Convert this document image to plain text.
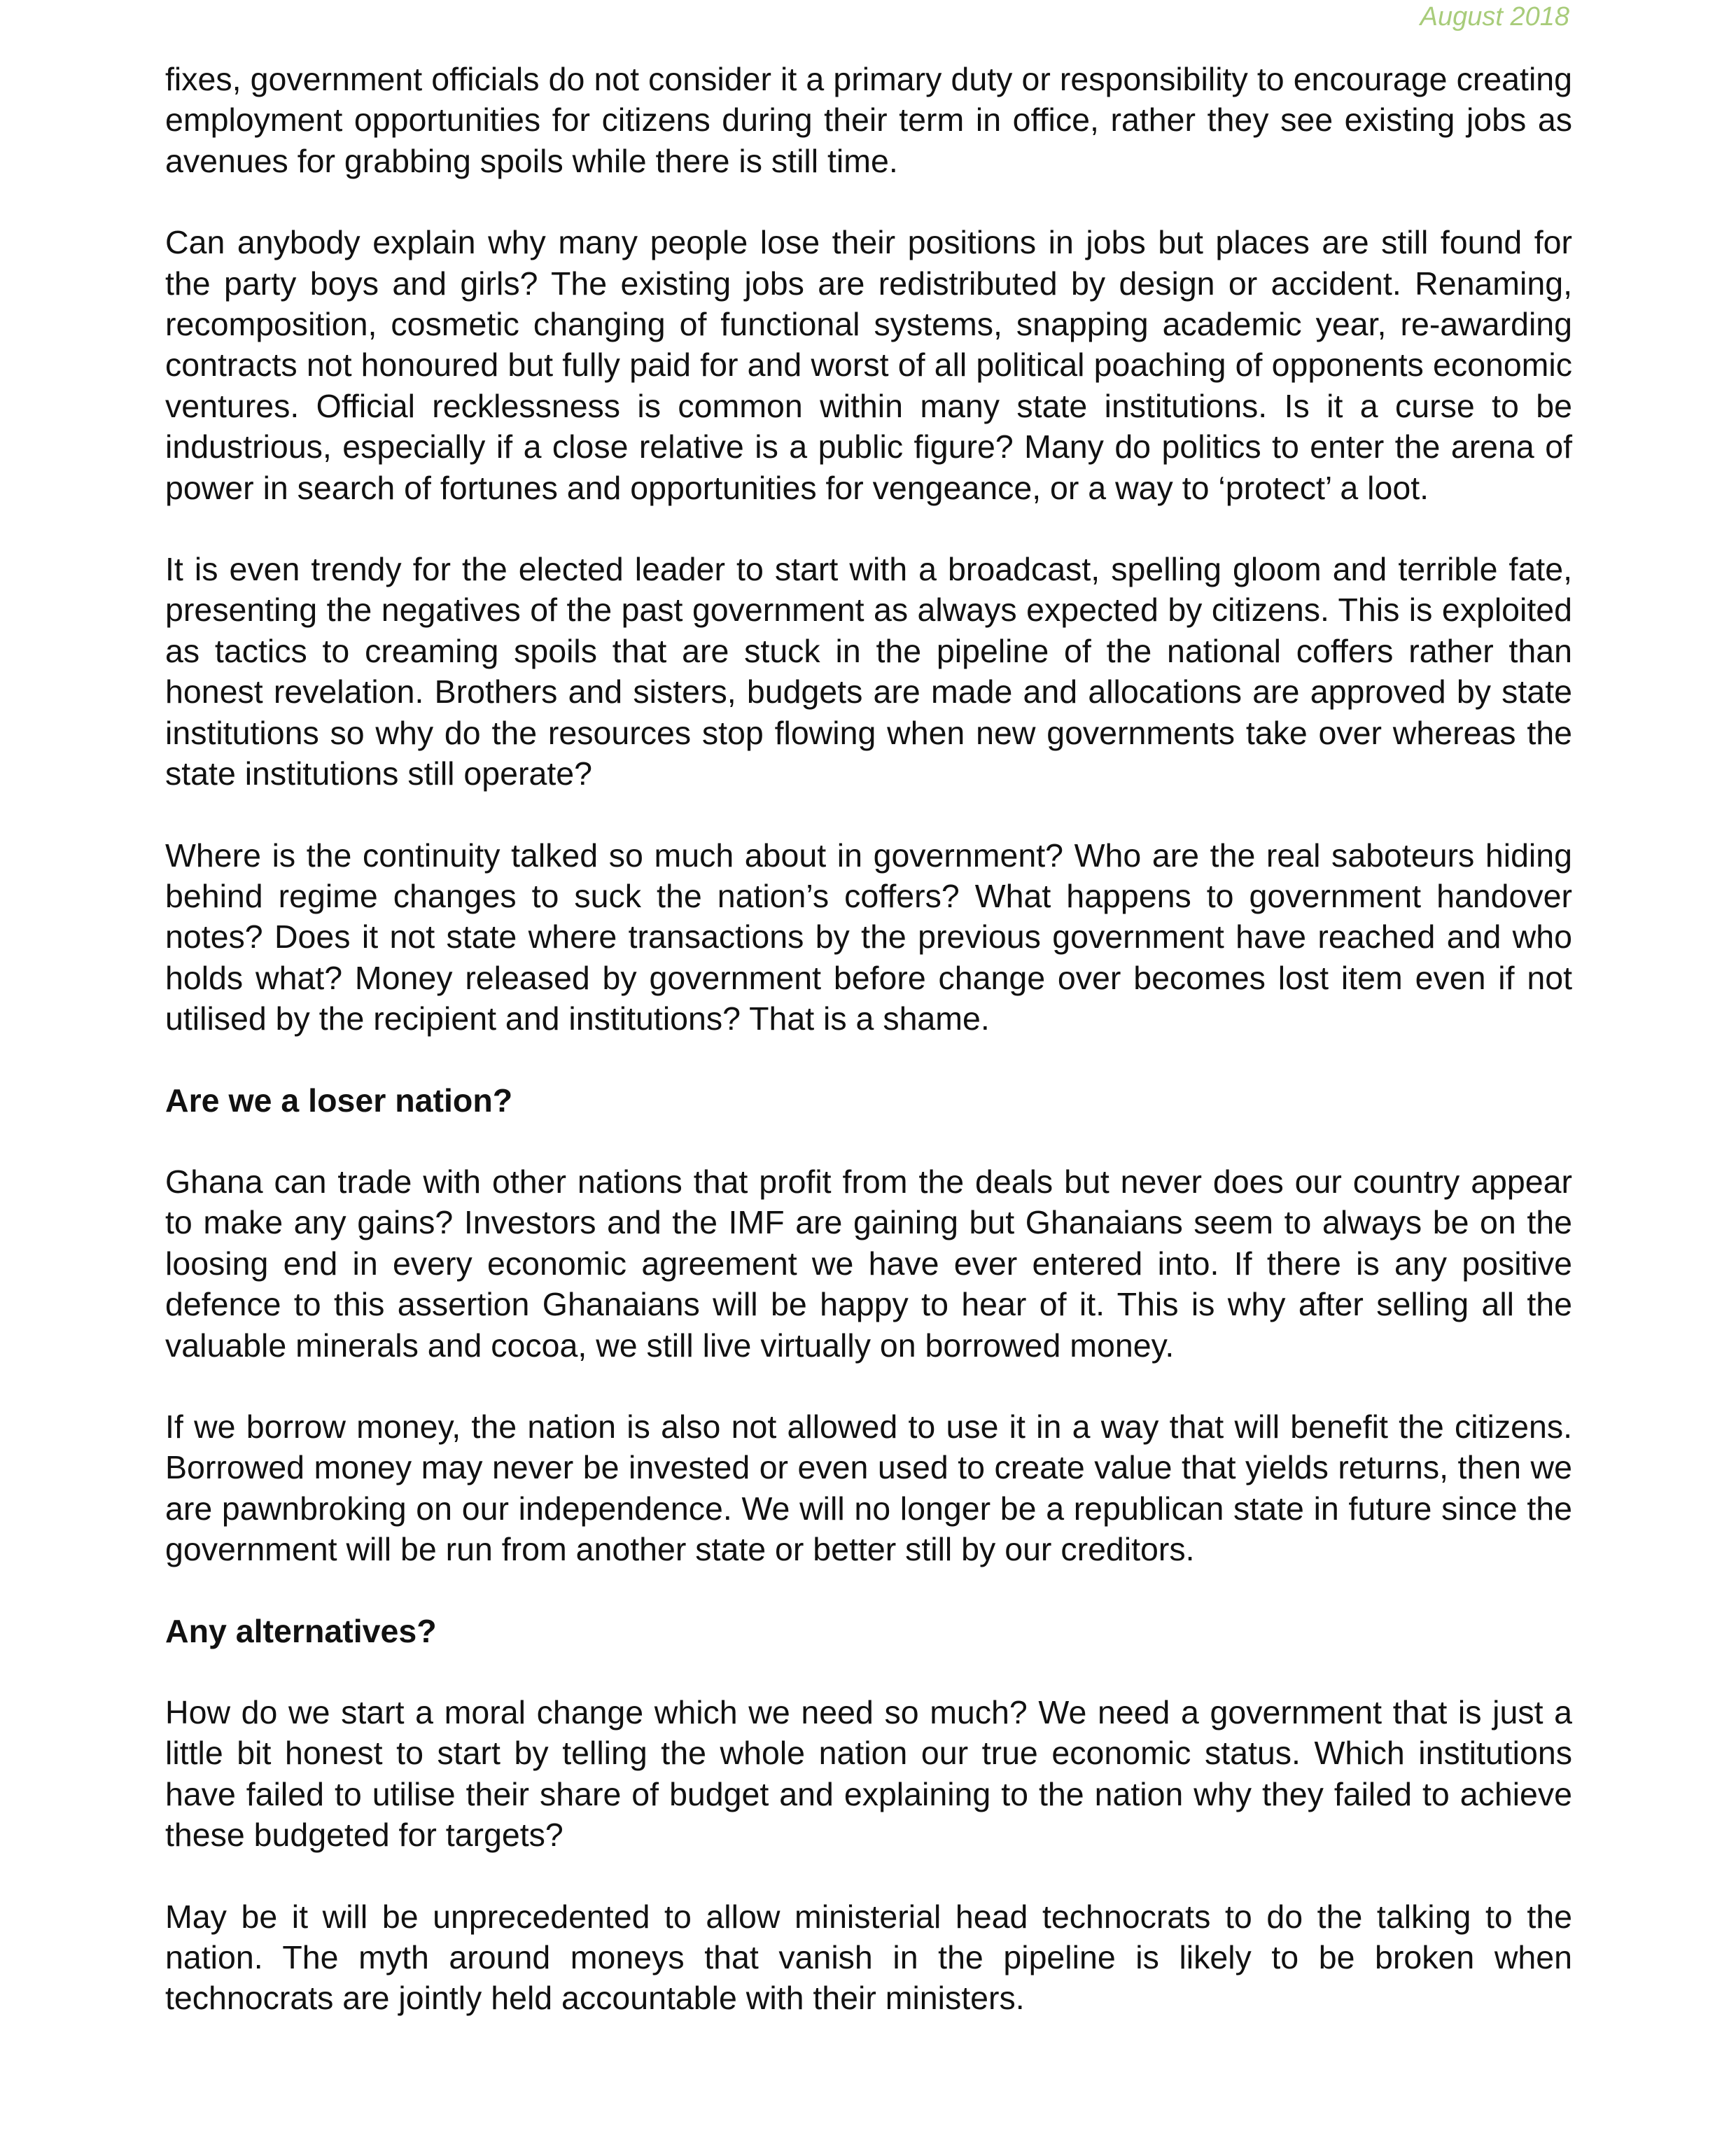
August 2018

fixes, government officials do not consider it a primary duty or responsibility to encourage creating employment opportunities for citizens during their term in office, rather they see existing jobs as avenues for grabbing spoils while there is still time.

Can anybody explain why many people lose their positions in jobs but places are still found for the party boys and girls? The existing jobs are redistributed by design or accident. Renaming, recomposition, cosmetic changing of functional systems, snapping academic year, re-awarding contracts not honoured but fully paid for and worst of all political poaching of opponents economic ventures. Official recklessness is common within many state institutions. Is it a curse to be industrious, especially if a close relative is a public figure? Many do politics to enter the arena of power in search of fortunes and opportunities for vengeance, or a way to ‘protect’ a loot.

It is even trendy for the elected leader to start with a broadcast, spelling gloom and terrible fate, presenting the negatives of the past government as always expected by citizens. This is exploited as tactics to creaming spoils that are stuck in the pipeline of the national coffers rather than honest revelation. Brothers and sisters, budgets are made and allocations are approved by state institutions so why do the resources stop flowing when new governments take over whereas the state institutions still operate?

Where is the continuity talked so much about in government? Who are the real saboteurs hiding behind regime changes to suck the nation’s coffers? What happens to government handover notes? Does it not state where transactions by the previous government have reached and who holds what? Money released by government before change over becomes lost item even if not utilised by the recipient and institutions? That is a shame.

Are we a loser nation?

Ghana can trade with other nations that profit from the deals but never does our country appear to make any gains? Investors and the IMF are gaining but Ghanaians seem to always be on the loosing end in every economic agreement we have ever entered into. If there is any positive defence to this assertion Ghanaians will be happy to hear of it. This is why after selling all the valuable minerals and cocoa, we still live virtually on borrowed money.

If we borrow money, the nation is also not allowed to use it in a way that will benefit the citizens. Borrowed money may never be invested or even used to create value that yields returns, then we are pawnbroking on our independence. We will no longer be a republican state in future since the government will be run from another state or better still by our creditors.

Any alternatives?

How do we start a moral change which we need so much? We need a government that is just a little bit honest to start by telling the whole nation our true economic status. Which institutions have failed to utilise their share of budget and explaining to the nation why they failed to achieve these budgeted for targets?

May be it will be unprecedented to allow ministerial head technocrats to do the talking to the nation. The myth around moneys that vanish in the pipeline is likely to be broken when technocrats are jointly held accountable with their ministers.
